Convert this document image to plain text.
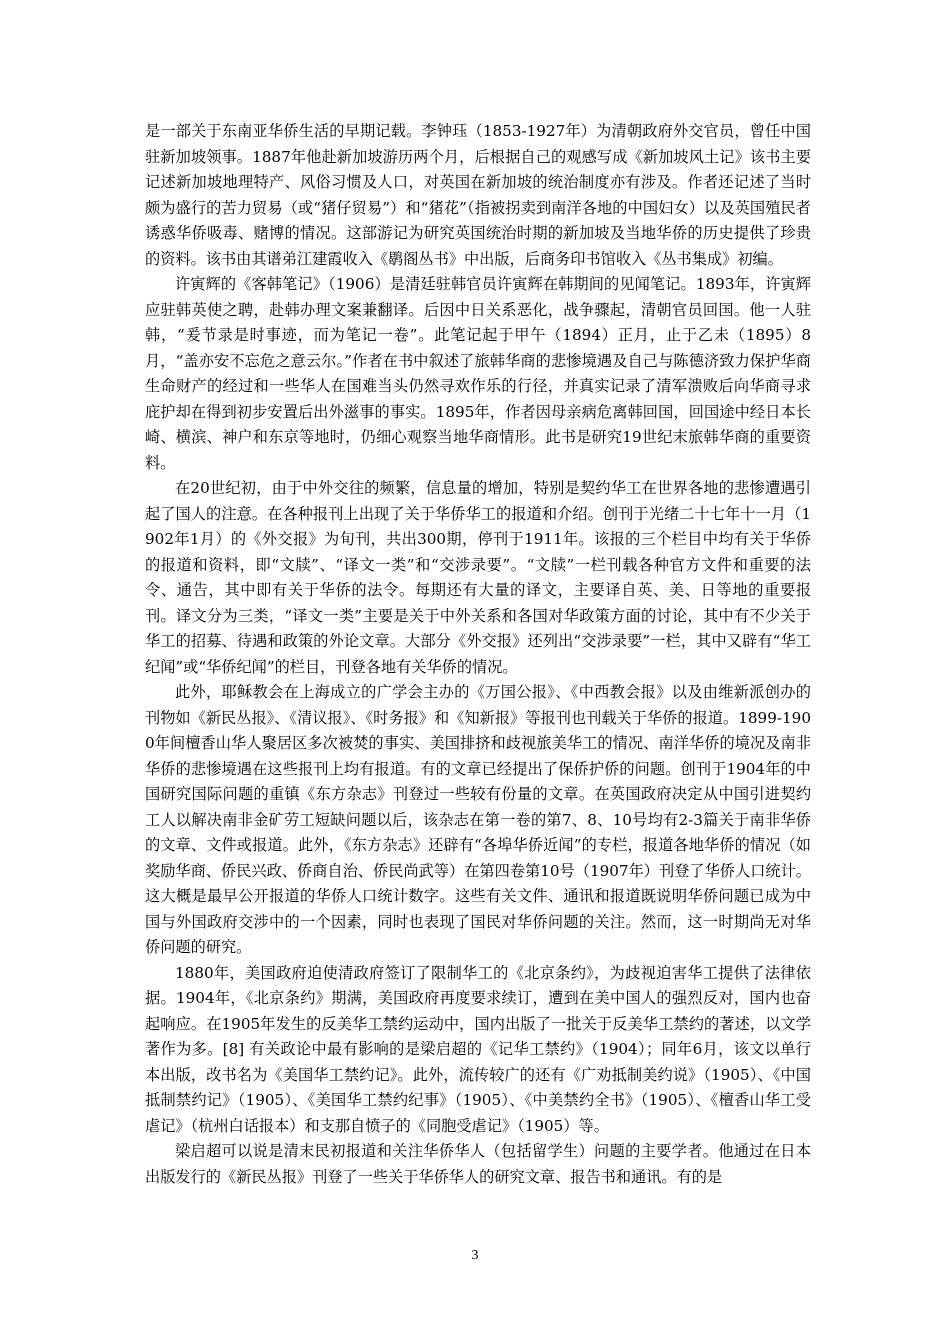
是一部关于东南亚华侨生活的早期记载。李钟珏（1853-1927年）为清朝政府外交官员，曾任中国驻新加坡领事。1887年他赴新加坡游历两个月，后根据自己的观感写成《新加坡风土记》该书主要记述新加坡地理特产、风俗习惯及人口，对英国在新加坡的统治制度亦有涉及。作者还记述了当时颇为盛行的苦力贸易（或“猪仔贸易”）和“猪花”（指被拐卖到南洋各地的中国妇女）以及英国殖民者诱惑华侨吸毒、赌博的情况。这部游记为研究英国统治时期的新加坡及当地华侨的历史提供了珍贵的资料。该书由其谱弟江建霞收入《鹖阁丛书》中出版，后商务印书馆收入《丛书集成》初编。

许寅辉的《客韩笔记》（1906）是清廷驻韩官员许寅辉在韩期间的见闻笔记。1893年，许寅辉应驻韩英使之聘，赴韩办理文案兼翻译。后因中日关系恶化，战争骤起，清朝官员回国。他一人驻韩，“爰节录是时事迹，而为笔记一卷”。此笔记起于甲午（1894）正月，止于乙未（1895）8月，“盖亦安不忘危之意云尔。”作者在书中叙述了旅韩华商的悲惨境遇及自己与陈德济致力保护华商生命财产的经过和一些华人在国难当头仍然寻欢作乐的行径，并真实记录了清军溃败后向华商寻求庇护却在得到初步安置后出外滋事的事实。1895年，作者因母亲病危离韩回国，回国途中经日本长崎、横滨、神户和东京等地时，仍细心观察当地华商情形。此书是研究19世纪末旅韩华商的重要资料。

在20世纪初，由于中外交往的频繁，信息量的增加，特别是契约华工在世界各地的悲惨遭遇引起了国人的注意。在各种报刊上出现了关于华侨华工的报道和介绍。创刊于光绪二十七年十一月（1902年1月）的《外交报》为旬刊，共出300期，停刊于1911年。该报的三个栏目中均有关于华侨的报道和资料，即“文牍”、“译文一类”和“交涉录要”。“文牍”一栏刊载各种官方文件和重要的法令、通告，其中即有关于华侨的法令。每期还有大量的译文，主要译自英、美、日等地的重要报刊。译文分为三类，“译文一类”主要是关于中外关系和各国对华政策方面的讨论，其中有不少关于华工的招募、待遇和政策的外论文章。大部分《外交报》还列出“交涉录要”一栏，其中又辟有“华工纪闻”或“华侨纪闻”的栏目，刊登各地有关华侨的情况。

此外，耶稣教会在上海成立的广学会主办的《万国公报》、《中西教会报》以及由维新派创办的刊物如《新民丛报》、《清议报》、《时务报》和《知新报》等报刊也刊载关于华侨的报道。1899-1900年间檀香山华人聚居区多次被焚的事实、美国排挤和歧视旅美华工的情况、南洋华侨的境况及南非华侨的悲惨境遇在这些报刊上均有报道。有的文章已经提出了保侨护侨的问题。创刊于1904年的中国研究国际问题的重镇《东方杂志》刊登过一些较有份量的文章。在英国政府决定从中国引进契约工人以解决南非金矿劳工短缺问题以后，该杂志在第一卷的第7、8、10号均有2-3篇关于南非华侨的文章、文件或报道。此外，《东方杂志》还辟有“各埠华侨近闻”的专栏，报道各地华侨的情况（如奖励华商、侨民兴政、侨商自治、侨民尚武等）在第四卷第10号（1907年）刊登了华侨人口统计。这大概是最早公开报道的华侨人口统计数字。这些有关文件、通讯和报道既说明华侨问题已成为中国与外国政府交涉中的一个因素，同时也表现了国民对华侨问题的关注。然而，这一时期尚无对华侨问题的研究。

1880年，美国政府迫使清政府签订了限制华工的《北京条约》，为歧视迫害华工提供了法律依据。1904年，《北京条约》期满，美国政府再度要求续订，遭到在美中国人的强烈反对，国内也奋起响应。在1905年发生的反美华工禁约运动中，国内出版了一批关于反美华工禁约的著述，以文学著作为多。[8] 有关政论中最有影响的是梁启超的《记华工禁约》（1904）；同年6月，该文以单行本出版，改书名为《美国华工禁约记》。此外，流传较广的还有《广劝抵制美约说》（1905）、《中国抵制禁约记》（1905）、《美国华工禁约纪事》（1905）、《中美禁约全书》（1905）、《檀香山华工受虐记》（杭州白话报本）和支那自愤子的《同胞受虐记》（1905）等。

梁启超可以说是清末民初报道和关注华侨华人（包括留学生）问题的主要学者。他通过在日本出版发行的《新民丛报》刊登了一些关于华侨华人的研究文章、报告书和通讯。有的是

3
